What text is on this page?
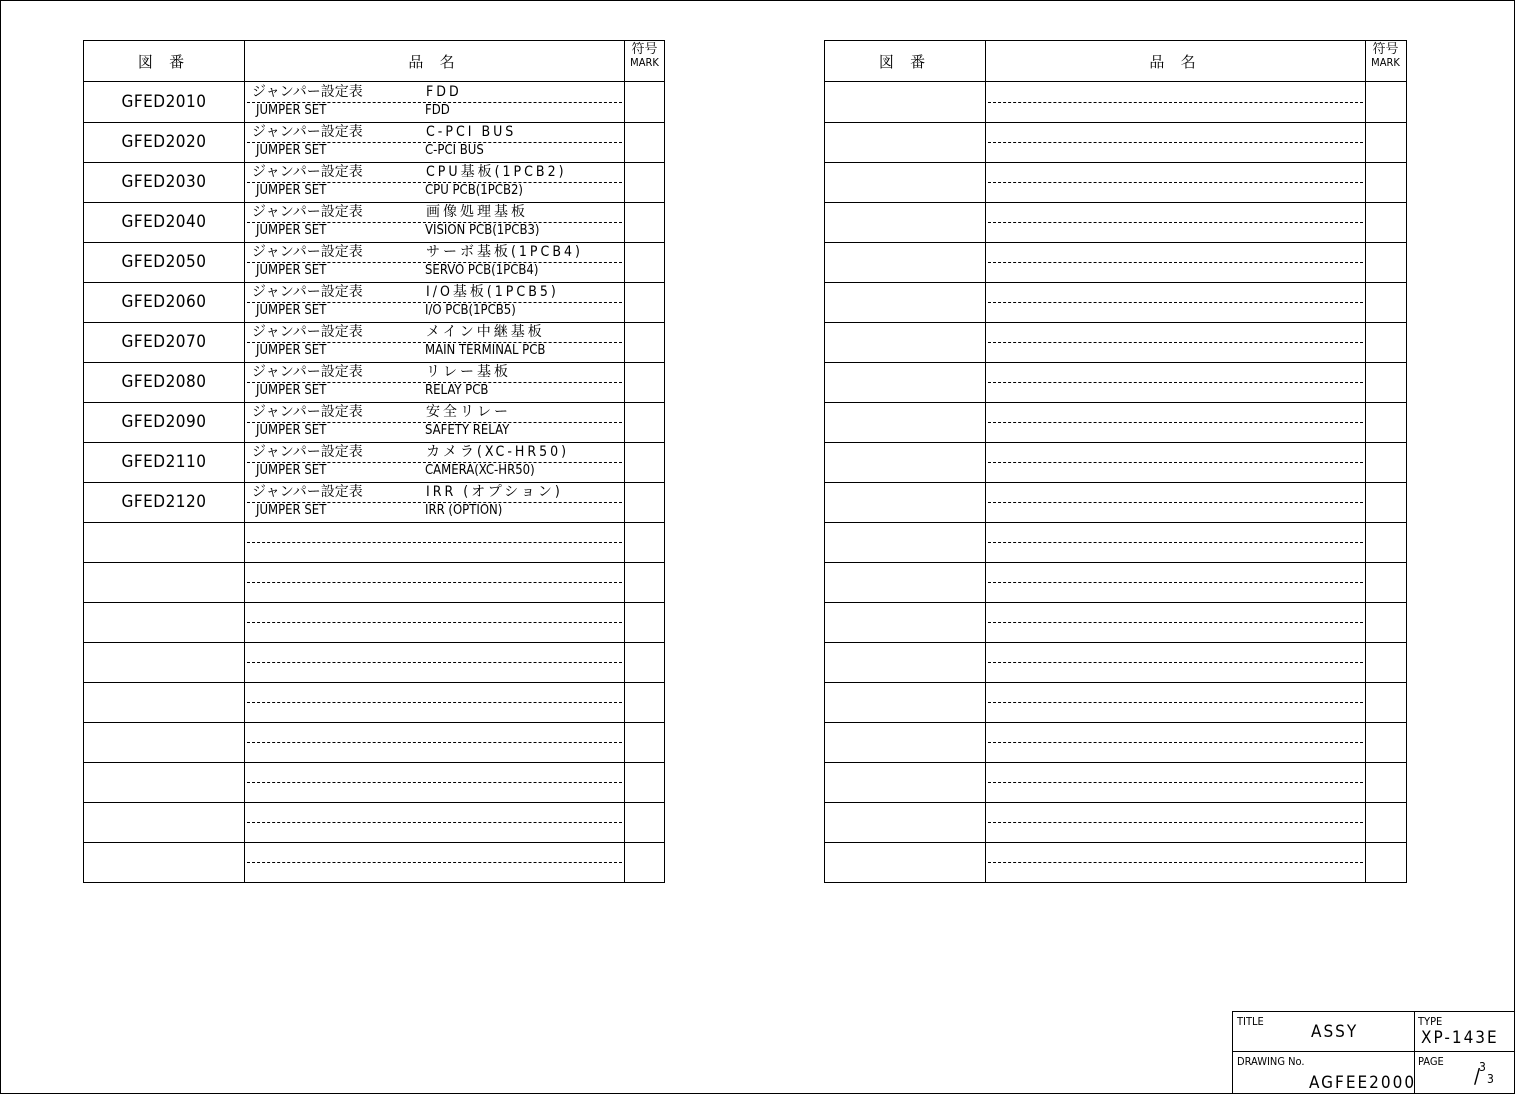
図 番	品 名
符号
MARK
GFED2010	ジャンパー設定表	FDD
JUMPER SET	FDD
GFED2020	ジャンパー設定表	C-PCI BUS
JUMPER SET	C-PCI BUS
GFED2030	ジャンパー設定表	CPU基板(1PCB2)
JUMPER SET	CPU PCB(1PCB2)
GFED2040	ジャンパー設定表	画像処理基板
JUMPER SET	VISION PCB(1PCB3)
GFED2050	ジャンパー設定表	サーボ基板(1PCB4)
JUMPER SET	SERVO PCB(1PCB4)
GFED2060	ジャンパー設定表	I/O基板(1PCB5)
JUMPER SET	I/O PCB(1PCB5)
GFED2070	ジャンパー設定表	メイン中継基板
JUMPER SET	MAIN TERMINAL PCB
GFED2080	ジャンパー設定表	リレー基板
JUMPER SET	RELAY PCB
GFED2090	ジャンパー設定表	安全リレー
JUMPER SET	SAFETY RELAY
GFED2110	ジャンパー設定表	カメラ(XC-HR50)
JUMPER SET	CAMERA(XC-HR50)
GFED2120	ジャンパー設定表	IRR (オプション)
JUMPER SET	IRR (OPTION)
図 番	品 名
符号
MARK
TITLE
ASSY
TYPE
XP-143E
DRAWING No.
AGFEE2000
PAGE	3
/ 3
